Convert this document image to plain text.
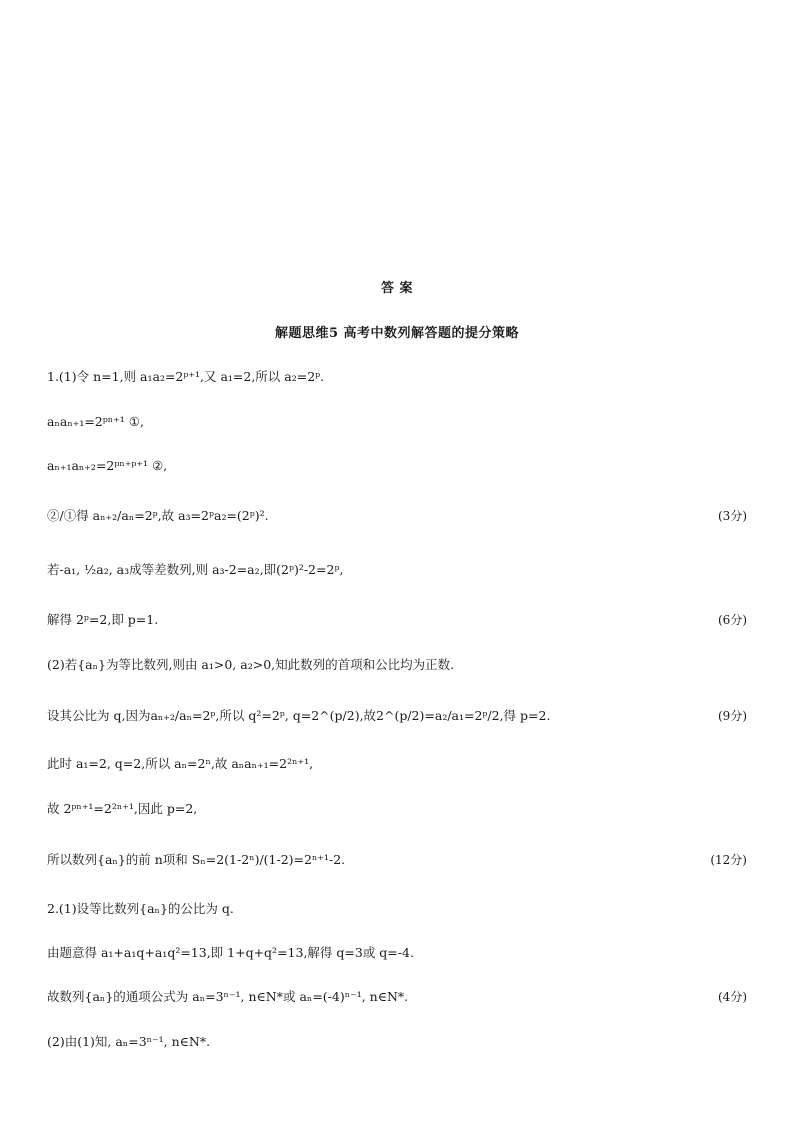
答 案
解题思维5 高考中数列解答题的提分策略
1.(1)令 n=1,则 a₁a₂=2ᵖ⁺¹,又 a₁=2,所以 a₂=2ᵖ.
aₙaₙ₊₁=2ᵖⁿ⁺¹ ①,
aₙ₊₁aₙ₊₂=2ᵖⁿ⁺ᵖ⁺¹ ②,
②/①得 aₙ₊₂/aₙ=2ᵖ,故 a₃=2ᵖa₂=(2ᵖ)².	(3分)
若-a₁, ½a₂, a₃成等差数列,则 a₃-2=a₂,即(2ᵖ)²-2=2ᵖ,
解得 2ᵖ=2,即 p=1.	(6分)
(2)若{aₙ}为等比数列,则由 a₁>0, a₂>0,知此数列的首项和公比均为正数.
设其公比为 q,因为aₙ₊₂/aₙ=2ᵖ,所以 q²=2ᵖ, q=2^(p/2),故2^(p/2)=a₂/a₁=2ᵖ/2,得 p=2.	(9分)
此时 a₁=2, q=2,所以 aₙ=2ⁿ,故 aₙaₙ₊₁=2²ⁿ⁺¹,
故 2ᵖⁿ⁺¹=2²ⁿ⁺¹,因此 p=2,
所以数列{aₙ}的前 n项和 Sₙ=2(1-2ⁿ)/(1-2)=2ⁿ⁺¹-2.	(12分)
2.(1)设等比数列{aₙ}的公比为 q.
由题意得 a₁+a₁q+a₁q²=13,即 1+q+q²=13,解得 q=3或 q=-4.
故数列{aₙ}的通项公式为 aₙ=3ⁿ⁻¹, n∈N*或 aₙ=(-4)ⁿ⁻¹, n∈N*.	(4分)
(2)由(1)知, aₙ=3ⁿ⁻¹, n∈N*.
